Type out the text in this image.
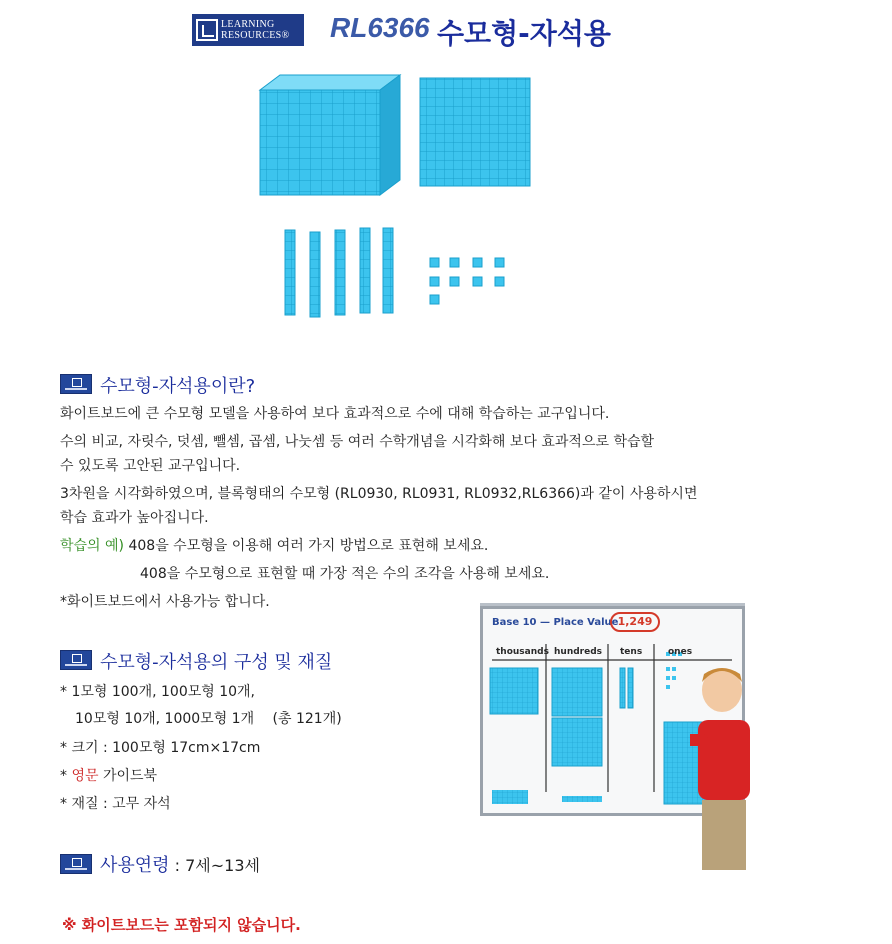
LEARNING
RESOURCES® RL6366 수모형-자석용
수모형-자석용이란?
화이트보드에 큰 수모형 모델을 사용하여 보다 효과적으로 수에 대해 학습하는 교구입니다.
수의 비교, 자릿수, 덧셈, 뺄셈, 곱셈, 나눗셈 등 여러 수학개념을 시각화해 보다 효과적으로 학습할
수 있도록 고안된 교구입니다.
3차원을 시각화하였으며, 블록형태의 수모형 (RL0930, RL0931, RL0932,RL6366)과 같이 사용하시면
학습 효과가 높아집니다.
학습의 예) 408을 수모형을 이용해 여러 가지 방법으로 표현해 보세요.
408을 수모형으로 표현할 때 가장 적은 수의 조각을 사용해 보세요.
*화이트보드에서 사용가능 합니다.
수모형-자석용의 구성 및 재질
* 1모형 100개, 100모형 10개,
10모형 10개, 1000모형 1개 　(총 121개)
* 크기 : 100모형 17cm×17cm
* 영문 가이드북
* 재질 : 고무 자석
사용연령 : 7세~13세
※ 화이트보드는 포함되지 않습니다.
Base 10 — Place Value 1,249
thousands hundreds tens	ones
